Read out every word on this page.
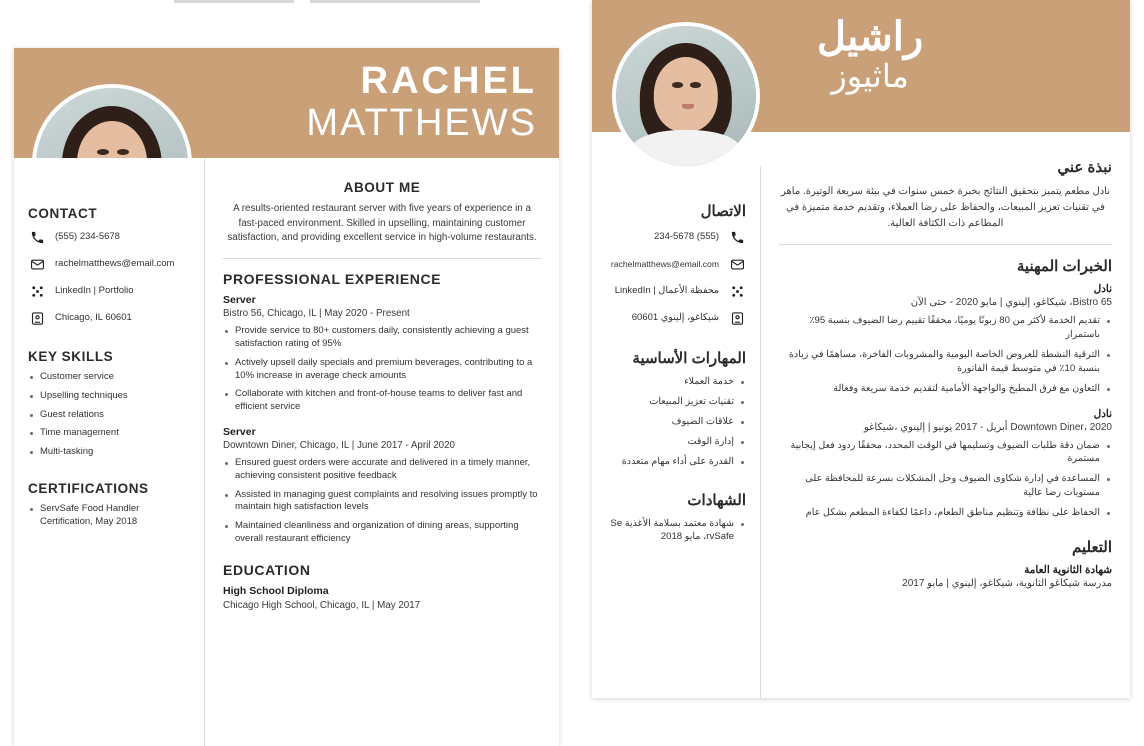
RACHEL
MATTHEWS
CONTACT
(555) 234-5678
rachelmatthews@email.com
LinkedIn | Portfolio
Chicago, IL 60601
KEY SKILLS
Customer service
Upselling techniques
Guest relations
Time management
Multi-tasking
CERTIFICATIONS
ServSafe Food Handler Certification, May 2018
ABOUT ME

A results-oriented restaurant server with five years of experience in a fast-paced environment. Skilled in upselling, maintaining customer satisfaction, and providing excellent service in high-volume restaurants.

PROFESSIONAL EXPERIENCE
Server
Bistro 56, Chicago, IL | May 2020 - Present
Provide service to 80+ customers daily, consistently achieving a guest satisfaction rating of 95%
Actively upsell daily specials and premium beverages, contributing to a 10% increase in average check amounts
Collaborate with kitchen and front-of-house teams to deliver fast and efficient service
Server
Downtown Diner, Chicago, IL | June 2017 - April 2020
Ensured guest orders were accurate and delivered in a timely manner, achieving consistent positive feedback
Assisted in managing guest complaints and resolving issues promptly to maintain high satisfaction levels
Maintained cleanliness and organization of dining areas, supporting overall restaurant efficiency
EDUCATION
High School Diploma
Chicago High School, Chicago, IL | May 2017
راشيل
ماثيوز
الاتصال
(555) 234-5678
rachelmatthews@email.com
محفظة الأعمال | LinkedIn
شيكاغو، إلينوي 60601
المهارات الأساسية
خدمة العملاء
تقنيات تعزيز المبيعات
علاقات الضيوف
إدارة الوقت
القدرة على أداء مهام متعددة
الشهادات
شهادة معتمد بسلامة الأغذية Se rvSafe، مايو 2018
نبذة عني

نادل مطعم يتميز بتحقيق النتائج بخبرة خمس سنوات في بيئة سريعة الوتيرة. ماهر في تقنيات تعزيز المبيعات، والحفاظ على رضا العملاء، وتقديم خدمة متميزة في المطاعم ذات الكثافة العالية.

الخبرات المهنية
نادل
Bistro 65، شيكاغو، إلينوي | مايو 2020 - حتى الآن
تقديم الخدمة لأكثر من 80 زبونًا يوميًا، محققًا تقييم رضا الضيوف بنسبة 95٪ باستمرار
الترقية النشطة للعروض الخاصة اليومية والمشروبات الفاخرة، مساهمًا في زيادة بنسبة 10٪ في متوسط قيمة الفاتورة
التعاون مع فرق المطبخ والواجهة الأمامية لتقديم خدمة سريعة وفعالة
نادل
Downtown Diner، 2020 أبريل - 2017 يونيو | إلينوي ،شيكاغو
ضمان دقة طلبات الضيوف وتسليمها في الوقت المحدد، محققًا ردود فعل إيجابية مستمرة
المساعدة في إدارة شكاوى الضيوف وحل المشكلات بسرعة للمحافظة على مستويات رضا عالية
الحفاظ على نظافة وتنظيم مناطق الطعام، داعمًا لكفاءة المطعم بشكل عام
التعليم
شهادة الثانوية العامة
مدرسة شيكاغو الثانوية، شيكاغو، إلينوي | مايو 2017
